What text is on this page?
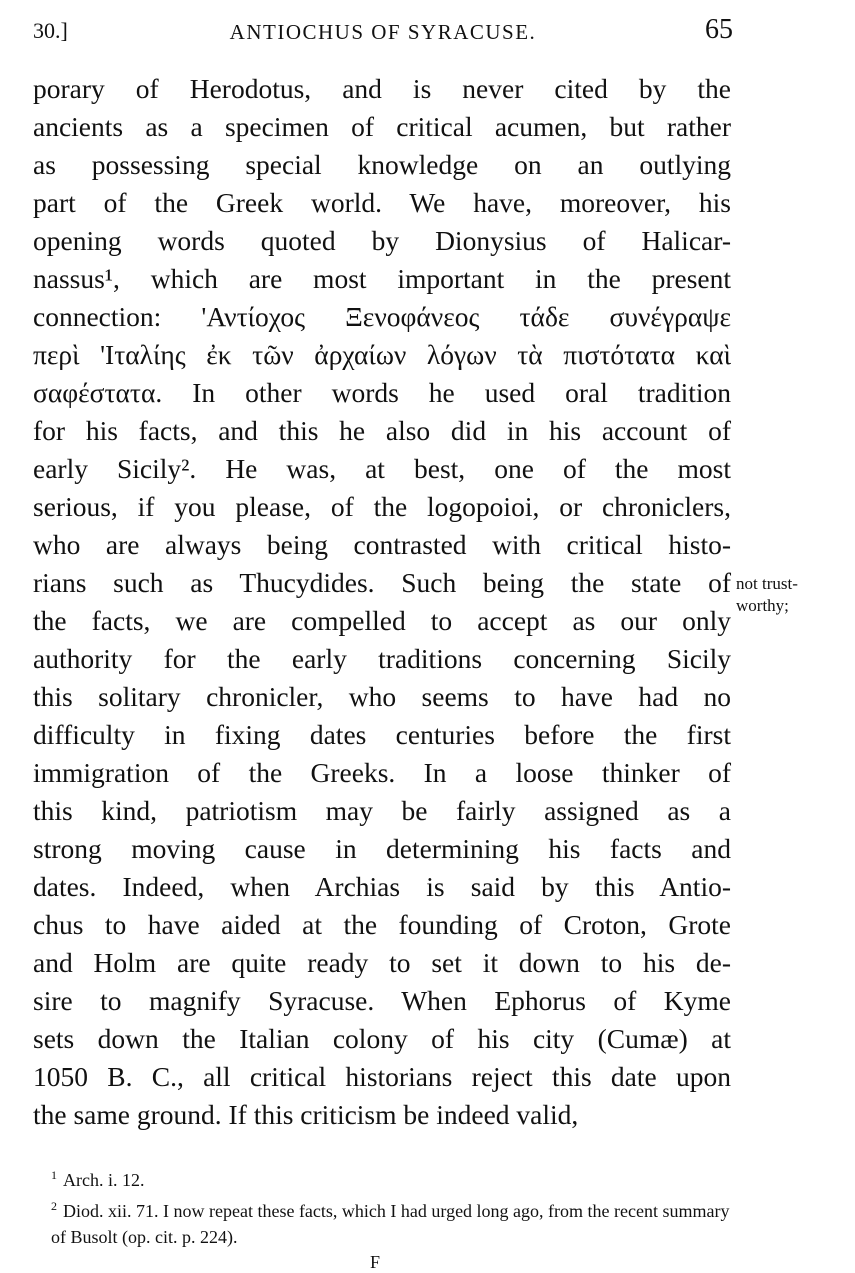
30.]	ANTIOCHUS OF SYRACUSE.	65
porary of Herodotus, and is never cited by the
ancients as a specimen of critical acumen, but rather
as possessing special knowledge on an outlying
part of the Greek world. We have, moreover, his
opening words quoted by Dionysius of Halicar-
nassus¹, which are most important in the present
connection: 'Αντίοχος Ξενοφάνεος τάδε συνέγραψε
περὶ 'Ιταλίης ἐκ τῶν ἀρχαίων λόγων τὰ πιστότατα καὶ
σαφέστατα. In other words he used oral tradition
for his facts, and this he also did in his account of
early Sicily². He was, at best, one of the most
serious, if you please, of the logopoioi, or chroniclers,
who are always being contrasted with critical histo-
rians such as Thucydides. Such being the state of
the facts, we are compelled to accept as our only
authority for the early traditions concerning Sicily
this solitary chronicler, who seems to have had no
difficulty in fixing dates centuries before the first
immigration of the Greeks. In a loose thinker of
this kind, patriotism may be fairly assigned as a
strong moving cause in determining his facts and
dates. Indeed, when Archias is said by this Antio-
chus to have aided at the founding of Croton, Grote
and Holm are quite ready to set it down to his de-
sire to magnify Syracuse. When Ephorus of Kyme
sets down the Italian colony of his city (Cumæ) at
1050 B. C., all critical historians reject this date upon
the same ground. If this criticism be indeed valid,
not trust-
worthy;
$^1$ Arch. i. 12.
$^2$ Diod. xii. 71. I now repeat these facts, which I had urged long ago, from the recent summary of Busolt (op. cit. p. 224).
F
